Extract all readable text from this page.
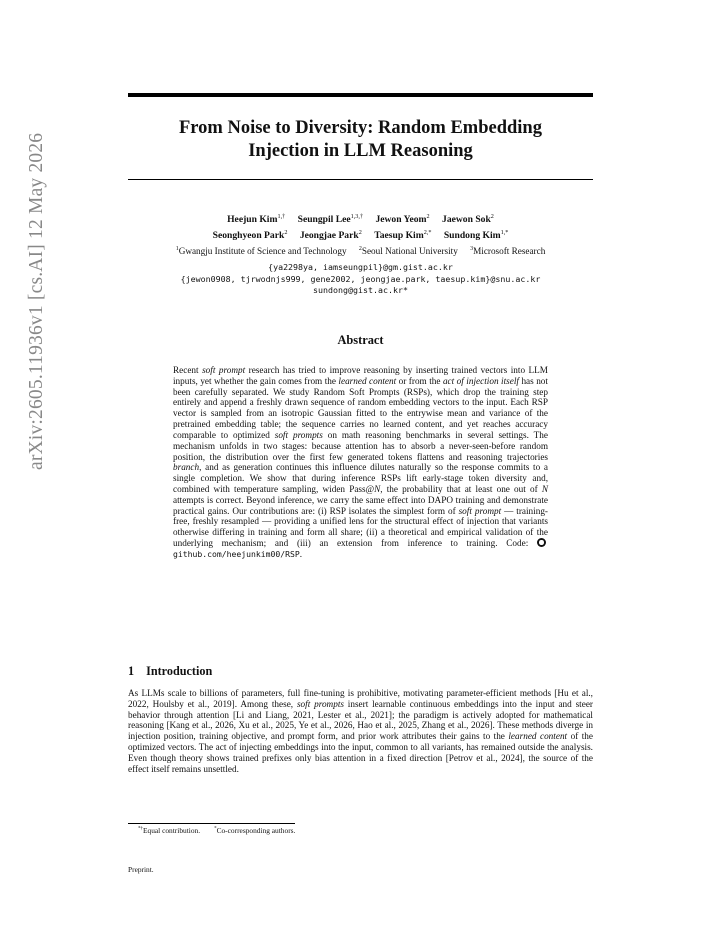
arXiv:2605.11936v1 [cs.AI] 12 May 2026
From Noise to Diversity: Random Embedding
Injection in LLM Reasoning
Heejun Kim$^{1,\dagger}$ Seungpil Lee$^{1,3,\dagger}$ Jewon Yeom$^2$ Jaewon Sok$^2$
Seonghyeon Park$^2$ Jeongjae Park$^2$ Taesup Kim$^{2,*}$ Sundong Kim$^{1,*}$
$^1$Gwangju Institute of Science and Technology $^2$Seoul National University $^3$Microsoft Research
{ya2298ya, iamseungpil}@gm.gist.ac.kr
{jewon0908, tjrwodnjs999, gene2002, jeongjae.park, taesup.kim}@snu.ac.kr
sundong@gist.ac.kr*
Abstract

Recent soft prompt research has tried to improve reasoning by inserting trained vectors into LLM inputs, yet whether the gain comes from the learned content or from the act of injection itself has not been carefully separated. We study Random Soft Prompts (RSPs), which drop the training step entirely and append a freshly drawn sequence of random embedding vectors to the input. Each RSP vector is sampled from an isotropic Gaussian fitted to the entrywise mean and variance of the pretrained embedding table; the sequence carries no learned content, and yet reaches accuracy comparable to optimized soft prompts on math reasoning benchmarks in several settings. The mechanism unfolds in two stages: because attention has to absorb a never-seen-before random position, the distribution over the first few generated tokens flattens and reasoning trajectories branch, and as generation continues this influence dilutes naturally so the response commits to a single completion. We show that during inference RSPs lift early-stage token diversity and, combined with temperature sampling, widen Pass@N, the probability that at least one out of N attempts is correct. Beyond inference, we carry the same effect into DAPO training and demonstrate practical gains. Our contributions are: (i) RSP isolates the simplest form of soft prompt — training-free, freshly resampled — providing a unified lens for the structural effect of injection that variants otherwise differing in training and form all share; (ii) a theoretical and empirical validation of the underlying mechanism; and (iii) an extension from inference to training. Code: github.com/heejunkim00/RSP.

1 Introduction

As LLMs scale to billions of parameters, full fine-tuning is prohibitive, motivating parameter-efficient methods [Hu et al., 2022, Houlsby et al., 2019]. Among these, soft prompts insert learnable continuous embeddings into the input and steer behavior through attention [Li and Liang, 2021, Lester et al., 2021]; the paradigm is actively adopted for mathematical reasoning [Kang et al., 2026, Xu et al., 2025, Ye et al., 2026, Hao et al., 2025, Zhang et al., 2026]. These methods diverge in injection position, training objective, and prompt form, and prior work attributes their gains to the learned content of the optimized vectors. The act of injecting embeddings into the input, common to all variants, has remained outside the analysis. Even though theory shows trained prefixes only bias attention in a fixed direction [Petrov et al., 2024], the source of the effect itself remains unsettled.

*†Equal contribution.	*Co-corresponding authors.
Preprint.
